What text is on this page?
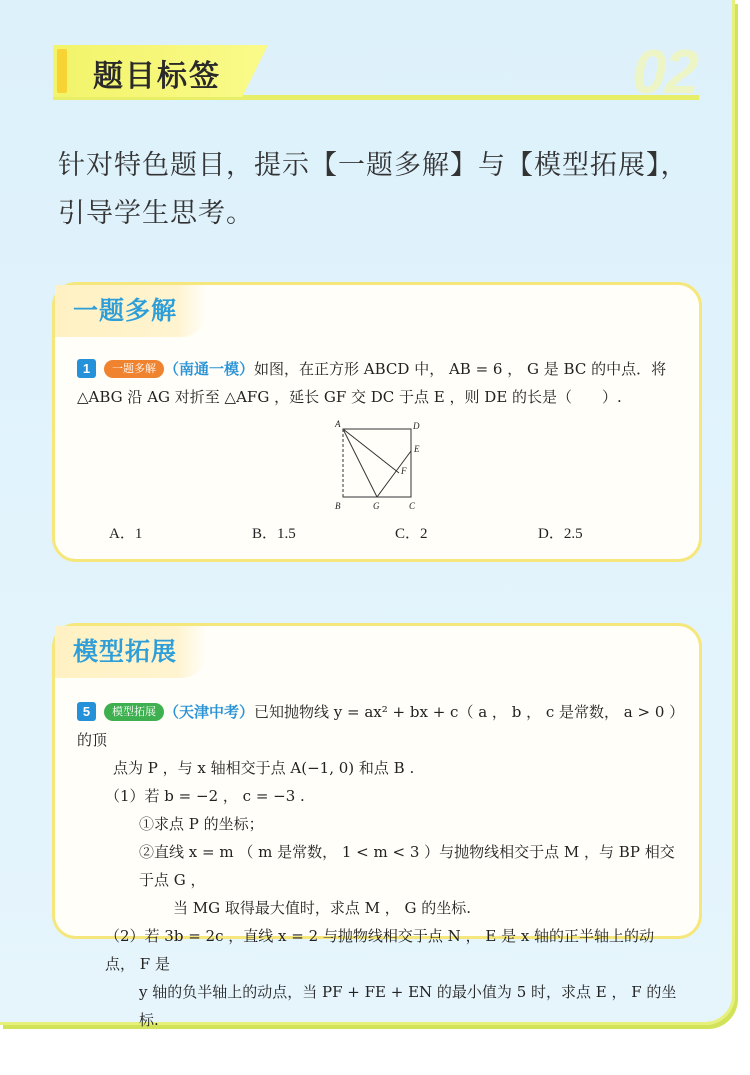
题目标签	02
针对特色题目，提示【一题多解】与【模型拓展】，
引导学生思考。
一题多解
1 一题多解 （南通一模）如图，在正方形 ABCD 中， AB = 6 ， G 是 BC 的中点．将
△ABG 沿 AG 对折至 △AFG ，延长 GF 交 DC 于点 E ，则 DE 的长是（　　）.
A
B	C
D
E
F
G
A．1	B．1.5	C．2	D．2.5
模型拓展
5 模型拓展 （天津中考）已知抛物线 y = ax² + bx + c（ a ， b ， c 是常数， a > 0 ）的顶
点为 P ，与 x 轴相交于点 A(−1, 0) 和点 B .
（1）若 b = −2 ， c = −3 .
①求点 P 的坐标；
②直线 x = m （ m 是常数， 1 < m < 3 ）与抛物线相交于点 M ，与 BP 相交于点 G ，
当 MG 取得最大值时，求点 M ， G 的坐标.
（2）若 3b = 2c ，直线 x = 2 与抛物线相交于点 N ， E 是 x 轴的正半轴上的动点， F 是
y 轴的负半轴上的动点，当 PF + FE + EN 的最小值为 5 时，求点 E ， F 的坐标.
